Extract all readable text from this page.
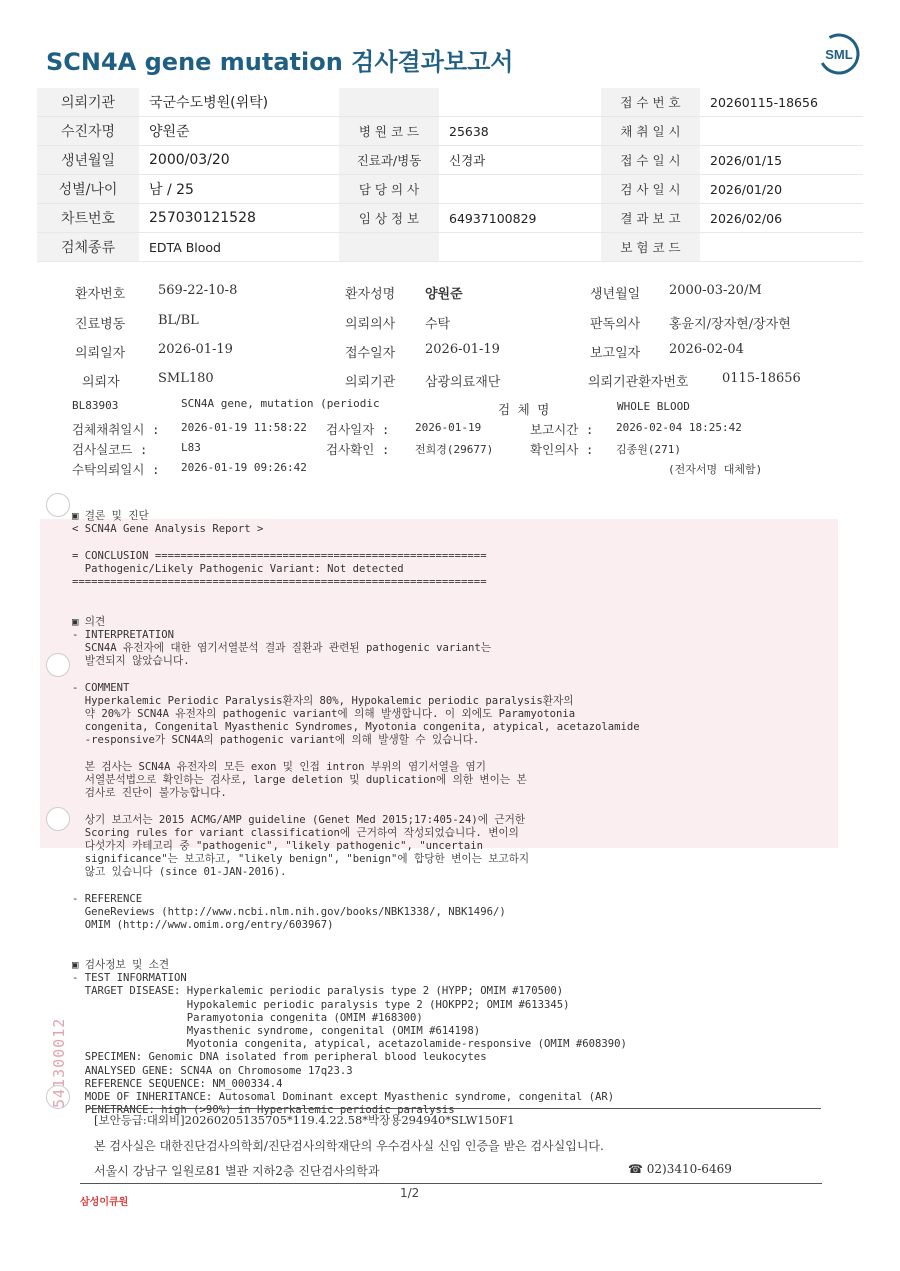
SCN4A gene mutation 검사결과보고서	SML
의뢰기관	국군수도병원(위탁)			접 수 번 호	20260115-18656
수진자명	양원준	병 원 코 드	25638	채 취 일 시	
생년월일	2000/03/20	진료과/병동	신경과	접 수 일 시	2026/01/15
성별/나이	남 / 25	담 당 의 사		검 사 일 시	2026/01/20
차트번호	257030121528	임 상 정 보	64937100829	결 과 보 고	2026/02/06
검체종류	EDTA Blood			보 험 코 드	
환자번호	569-22-10-8	환자성명 양원준	생년월일 2000-03-20/M
진료병동	BL/BL	의뢰의사 수탁	판독의사 홍윤지/장자현/장자현
의뢰일자	2026-01-19	접수일자 2026-01-19	보고일자 2026-02-04
의뢰자	SML180	의뢰기관 삼광의료재단	의뢰기관환자번호	0115-18656
BL83903	SCN4A gene, mutation (periodic	검 체 명	WHOLE BLOOD
검체채취일시 : 2026-01-19 11:58:22 검사일자 : 2026-01-19	보고시간 : 2026-02-04 18:25:42
검사실코드 :	L83	검사확인 : 전희경(29677)	확인의사 : 김종원(271)
수탁의뢰일시 : 2026-01-19 09:26:42	(전자서명 대체함)
▣ 결론 및 진단
< SCN4A Gene Analysis Report >
= CONCLUSION ====================================================
Pathogenic/Likely Pathogenic Variant: Not detected
=================================================================
▣ 의견
- INTERPRETATION
SCN4A 유전자에 대한 염기서열분석 결과 질환과 관련된 pathogenic variant는
발견되지 않았습니다.
- COMMENT
Hyperkalemic Periodic Paralysis환자의 80%, Hypokalemic periodic paralysis환자의
약 20%가 SCN4A 유전자의 pathogenic variant에 의해 발생합니다. 이 외에도 Paramyotonia
congenita, Congenital Myasthenic Syndromes, Myotonia congenita, atypical, acetazolamide
-responsive가 SCN4A의 pathogenic variant에 의해 발생할 수 있습니다.
본 검사는 SCN4A 유전자의 모든 exon 및 인접 intron 부위의 염기서열을 염기
서열분석법으로 확인하는 검사로, large deletion 및 duplication에 의한 변이는 본
검사로 진단이 불가능합니다.
상기 보고서는 2015 ACMG/AMP guideline (Genet Med 2015;17:405-24)에 근거한
Scoring rules for variant classification에 근거하여 작성되었습니다. 변이의
다섯가지 카테고리 중 "pathogenic", "likely pathogenic", "uncertain
significance"는 보고하고, "likely benign", "benign"에 합당한 변이는 보고하지
않고 있습니다 (since 01-JAN-2016).
- REFERENCE
GeneReviews (http://www.ncbi.nlm.nih.gov/books/NBK1338/, NBK1496/)
OMIM (http://www.omim.org/entry/603967)
▣ 검사정보 및 소견
- TEST INFORMATION
TARGET DISEASE: Hyperkalemic periodic paralysis type 2 (HYPP; OMIM #170500)
Hypokalemic periodic paralysis type 2 (HOKPP2; OMIM #613345)
Paramyotonia congenita (OMIM #168300)
Myasthenic syndrome, congenital (OMIM #614198)
Myotonia congenita, atypical, acetazolamide-responsive (OMIM #608390)
SPECIMEN: Genomic DNA isolated from peripheral blood leukocytes
ANALYSED GENE: SCN4A on Chromosome 17q23.3
REFERENCE SEQUENCE: NM_000334.4
MODE OF INHERITANCE: Autosomal Dominant except Myasthenic syndrome, congenital (AR)
PENETRANCE: high (>90%) in Hyperkalemic periodic paralysis
541300012
[보안등급:대외비]20260205135705*119.4.22.58*박장용294940*SLW150F1
본 검사실은 대한진단검사의학회/진단검사의학재단의 우수검사실 신임 인증을 받은 검사실입니다.
서울시 강남구 일원로81 별관 지하2층 진단검사의학과	☎ 02)3410-6469
삼성이큐원
1/2
